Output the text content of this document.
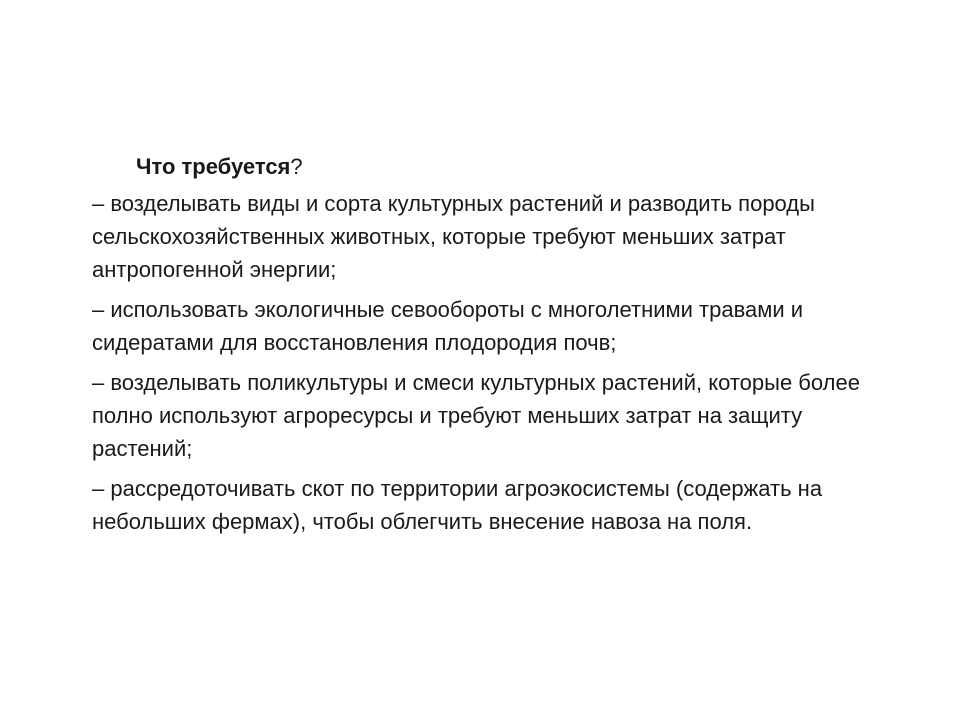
Что требуется?

– возделывать виды и сорта культурных растений и разводить породы сельскохозяйственных животных, которые требуют меньших затрат антропогенной энергии;

– использовать экологичные севообороты с многолетними травами и сидератами для восстановления плодородия почв;

– возделывать поликультуры и смеси культурных растений, которые более полно используют агроресурсы и требуют меньших затрат на защиту растений;

– рассредоточивать скот по территории агроэкосистемы (содержать на небольших фермах), чтобы облегчить внесение навоза на поля.
